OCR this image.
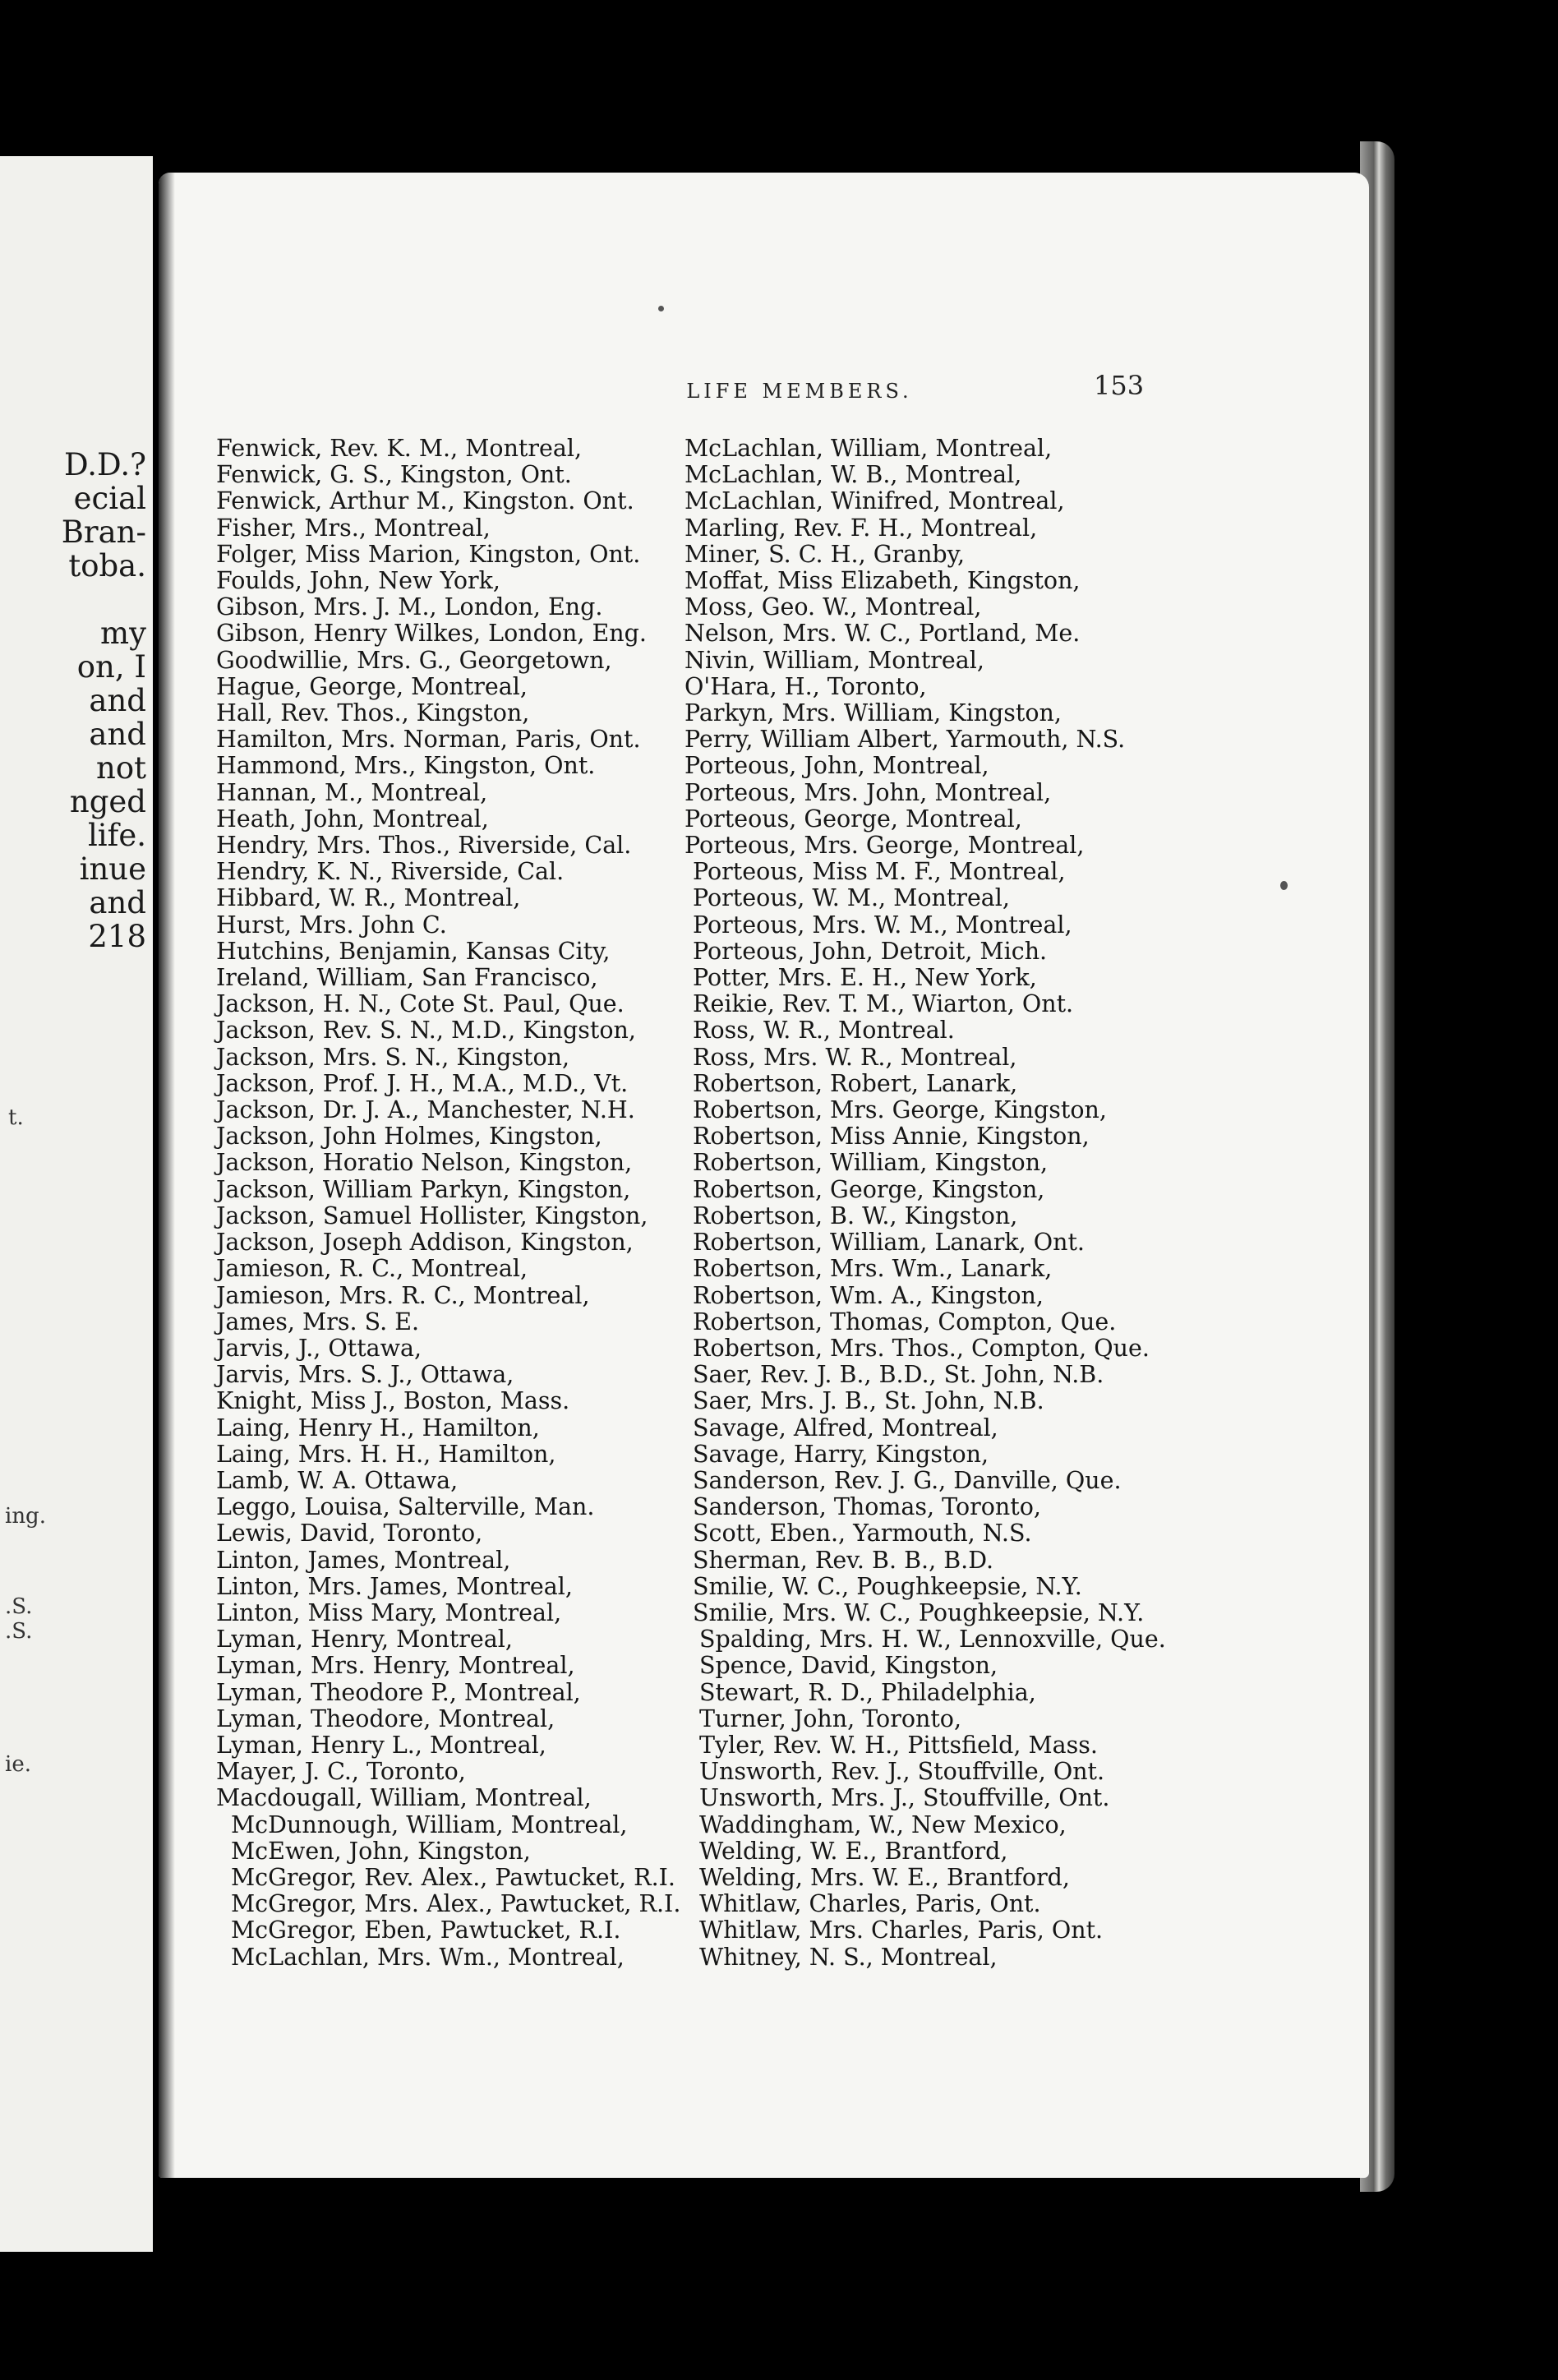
D.D.?
ecial
Bran-
toba.
my
on, I
and
and
not
nged
life.
inue
and
218
t.
ing.
.S.
.S.
ie.
LIFE MEMBERS.	153
Fenwick, Rev. K. M., Montreal,
Fenwick, G. S., Kingston, Ont.
Fenwick, Arthur M., Kingston. Ont.
Fisher, Mrs., Montreal,
Folger, Miss Marion, Kingston, Ont.
Foulds, John, New York,
Gibson, Mrs. J. M., London, Eng.
Gibson, Henry Wilkes, London, Eng.
Goodwillie, Mrs. G., Georgetown,
Hague, George, Montreal,
Hall, Rev. Thos., Kingston,
Hamilton, Mrs. Norman, Paris, Ont.
Hammond, Mrs., Kingston, Ont.
Hannan, M., Montreal,
Heath, John, Montreal,
Hendry, Mrs. Thos., Riverside, Cal.
Hendry, K. N., Riverside, Cal.
Hibbard, W. R., Montreal,
Hurst, Mrs. John C.
Hutchins, Benjamin, Kansas City,
Ireland, William, San Francisco,
Jackson, H. N., Cote St. Paul, Que.
Jackson, Rev. S. N., M.D., Kingston,
Jackson, Mrs. S. N., Kingston,
Jackson, Prof. J. H., M.A., M.D., Vt.
Jackson, Dr. J. A., Manchester, N.H.
Jackson, John Holmes, Kingston,
Jackson, Horatio Nelson, Kingston,
Jackson, William Parkyn, Kingston,
Jackson, Samuel Hollister, Kingston,
Jackson, Joseph Addison, Kingston,
Jamieson, R. C., Montreal,
Jamieson, Mrs. R. C., Montreal,
James, Mrs. S. E.
Jarvis, J., Ottawa,
Jarvis, Mrs. S. J., Ottawa,
Knight, Miss J., Boston, Mass.
Laing, Henry H., Hamilton,
Laing, Mrs. H. H., Hamilton,
Lamb, W. A. Ottawa,
Leggo, Louisa, Salterville, Man.
Lewis, David, Toronto,
Linton, James, Montreal,
Linton, Mrs. James, Montreal,
Linton, Miss Mary, Montreal,
Lyman, Henry, Montreal,
Lyman, Mrs. Henry, Montreal,
Lyman, Theodore P., Montreal,
Lyman, Theodore, Montreal,
Lyman, Henry L., Montreal,
Mayer, J. C., Toronto,
Macdougall, William, Montreal,
McDunnough, William, Montreal,
McEwen, John, Kingston,
McGregor, Rev. Alex., Pawtucket, R.I.
McGregor, Mrs. Alex., Pawtucket, R.I.
McGregor, Eben, Pawtucket, R.I.
McLachlan, Mrs. Wm., Montreal,
McLachlan, William, Montreal,
McLachlan, W. B., Montreal,
McLachlan, Winifred, Montreal,
Marling, Rev. F. H., Montreal,
Miner, S. C. H., Granby,
Moffat, Miss Elizabeth, Kingston,
Moss, Geo. W., Montreal,
Nelson, Mrs. W. C., Portland, Me.
Nivin, William, Montreal,
O'Hara, H., Toronto,
Parkyn, Mrs. William, Kingston,
Perry, William Albert, Yarmouth, N.S.
Porteous, John, Montreal,
Porteous, Mrs. John, Montreal,
Porteous, George, Montreal,
Porteous, Mrs. George, Montreal,
Porteous, Miss M. F., Montreal,
Porteous, W. M., Montreal,
Porteous, Mrs. W. M., Montreal,
Porteous, John, Detroit, Mich.
Potter, Mrs. E. H., New York,
Reikie, Rev. T. M., Wiarton, Ont.
Ross, W. R., Montreal.
Ross, Mrs. W. R., Montreal,
Robertson, Robert, Lanark,
Robertson, Mrs. George, Kingston,
Robertson, Miss Annie, Kingston,
Robertson, William, Kingston,
Robertson, George, Kingston,
Robertson, B. W., Kingston,
Robertson, William, Lanark, Ont.
Robertson, Mrs. Wm., Lanark,
Robertson, Wm. A., Kingston,
Robertson, Thomas, Compton, Que.
Robertson, Mrs. Thos., Compton, Que.
Saer, Rev. J. B., B.D., St. John, N.B.
Saer, Mrs. J. B., St. John, N.B.
Savage, Alfred, Montreal,
Savage, Harry, Kingston,
Sanderson, Rev. J. G., Danville, Que.
Sanderson, Thomas, Toronto,
Scott, Eben., Yarmouth, N.S.
Sherman, Rev. B. B., B.D.
Smilie, W. C., Poughkeepsie, N.Y.
Smilie, Mrs. W. C., Poughkeepsie, N.Y.
Spalding, Mrs. H. W., Lennoxville, Que.
Spence, David, Kingston,
Stewart, R. D., Philadelphia,
Turner, John, Toronto,
Tyler, Rev. W. H., Pittsfield, Mass.
Unsworth, Rev. J., Stouffville, Ont.
Unsworth, Mrs. J., Stouffville, Ont.
Waddingham, W., New Mexico,
Welding, W. E., Brantford,
Welding, Mrs. W. E., Brantford,
Whitlaw, Charles, Paris, Ont.
Whitlaw, Mrs. Charles, Paris, Ont.
Whitney, N. S., Montreal,
